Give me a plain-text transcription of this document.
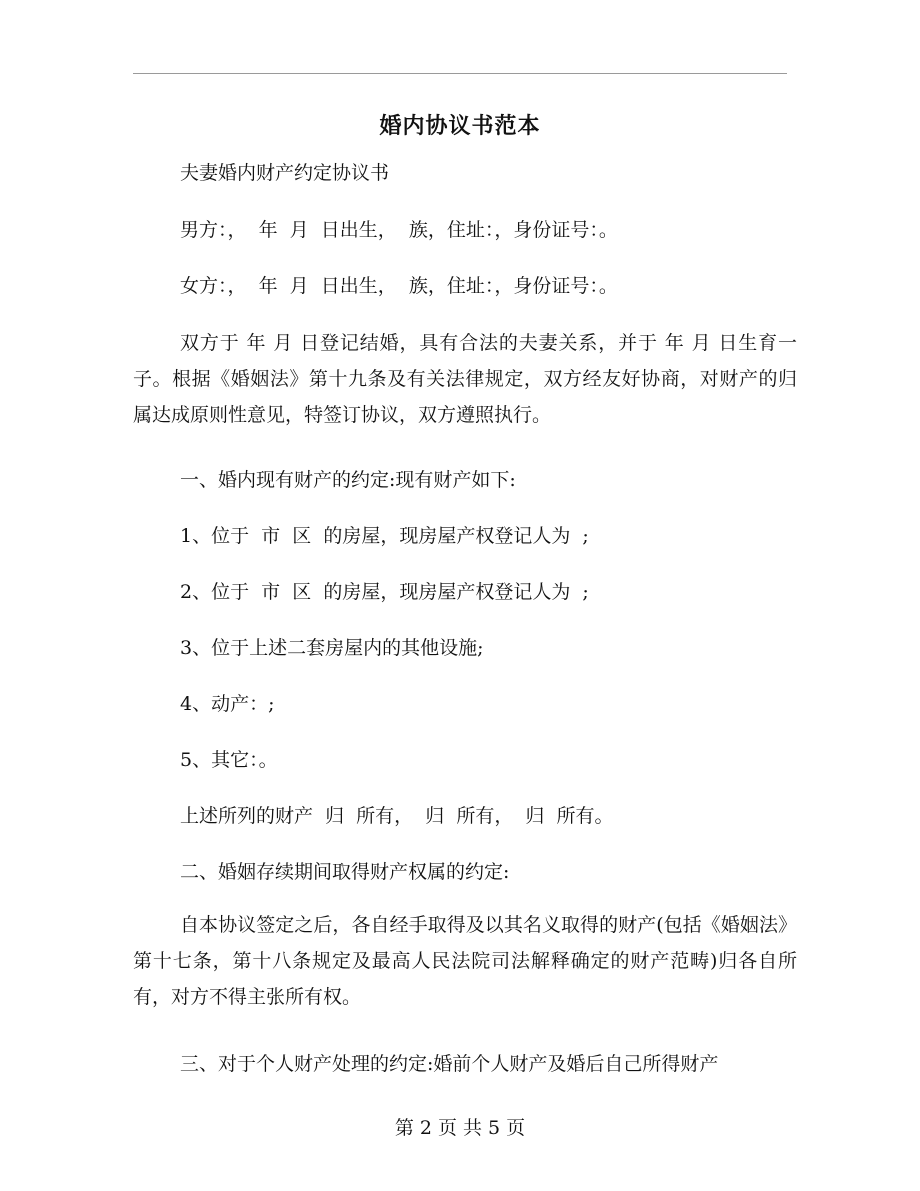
婚内协议书范本
夫妻婚内财产约定协议书
男方：，  年  月  日出生，  族，住址：，身份证号：。
女方：，  年  月  日出生，  族，住址：，身份证号：。
双方于 年 月 日登记结婚，具有合法的夫妻关系，并于 年 月 日生育一子。根据《婚姻法》第十九条及有关法律规定，双方经友好协商，对财产的归属达成原则性意见，特签订协议，双方遵照执行。
一、婚内现有财产的约定:现有财产如下:
1、位于  市  区  的房屋，现房屋产权登记人为  ;
2、位于  市  区  的房屋，现房屋产权登记人为  ;
3、位于上述二套房屋内的其他设施;
4、动产：;
5、其它：。
上述所列的财产  归  所有，  归  所有，  归  所有。
二、婚姻存续期间取得财产权属的约定:
自本协议签定之后，各自经手取得及以其名义取得的财产(包括《婚姻法》第十七条，第十八条规定及最高人民法院司法解释确定的财产范畴)归各自所有，对方不得主张所有权。
三、对于个人财产处理的约定:婚前个人财产及婚后自己所得财产
第 2 页 共 5 页
